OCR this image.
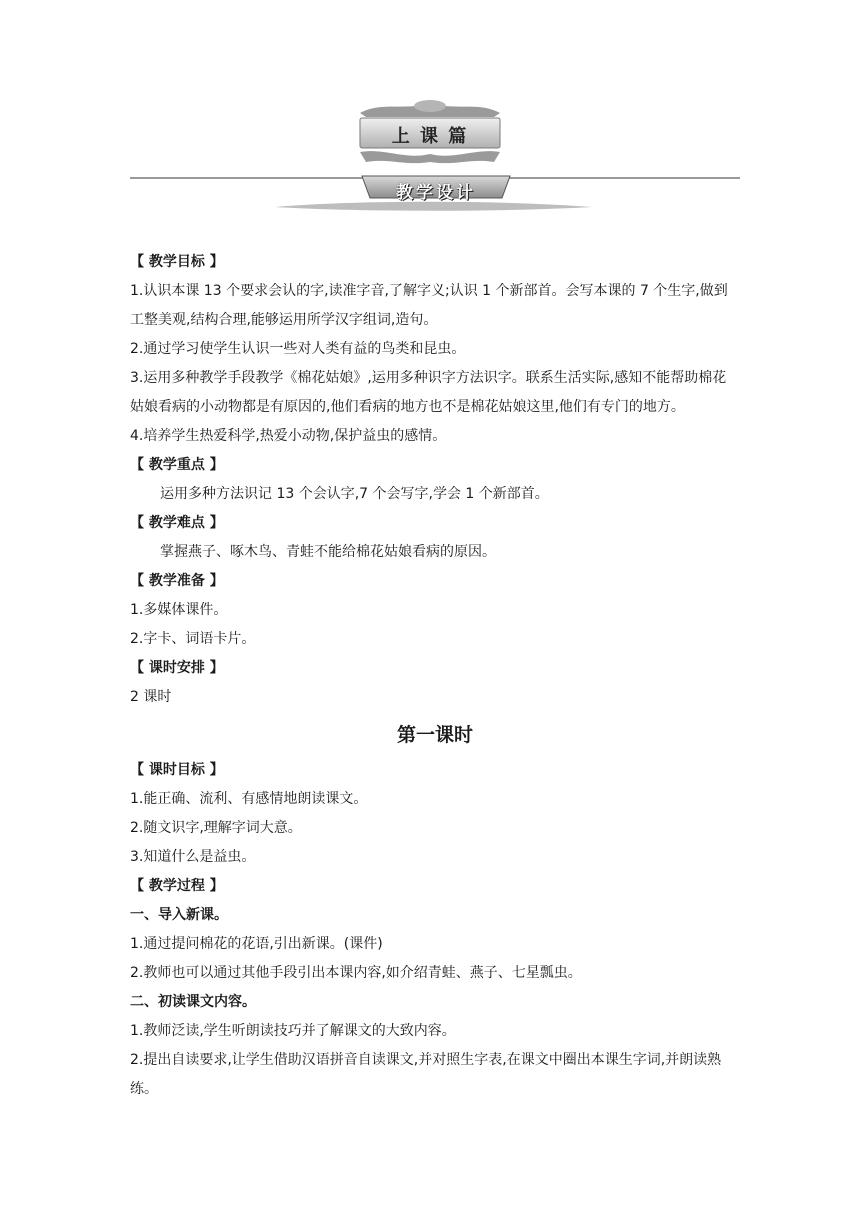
上 课 篇
教学设计
【 教学目标 】
1.认识本课 13 个要求会认的字,读准字音,了解字义;认识 1 个新部首。会写本课的 7 个生字,做到工整美观,结构合理,能够运用所学汉字组词,造句。
2.通过学习使学生认识一些对人类有益的鸟类和昆虫。
3.运用多种教学手段教学《棉花姑娘》,运用多种识字方法识字。联系生活实际,感知不能帮助棉花姑娘看病的小动物都是有原因的,他们看病的地方也不是棉花姑娘这里,他们有专门的地方。
4.培养学生热爱科学,热爱小动物,保护益虫的感情。
【 教学重点 】
运用多种方法识记 13 个会认字,7 个会写字,学会 1 个新部首。
【 教学难点 】
掌握燕子、啄木鸟、青蛙不能给棉花姑娘看病的原因。
【 教学准备 】
1.多媒体课件。
2.字卡、词语卡片。
【 课时安排 】
2 课时
第一课时
【 课时目标 】
1.能正确、流利、有感情地朗读课文。
2.随文识字,理解字词大意。
3.知道什么是益虫。
【 教学过程 】
一、导入新课。
1.通过提问棉花的花语,引出新课。(课件)
2.教师也可以通过其他手段引出本课内容,如介绍青蛙、燕子、七星瓢虫。
二、初读课文内容。
1.教师泛读,学生听朗读技巧并了解课文的大致内容。
2.提出自读要求,让学生借助汉语拼音自读课文,并对照生字表,在课文中圈出本课生字词,并朗读熟练。
